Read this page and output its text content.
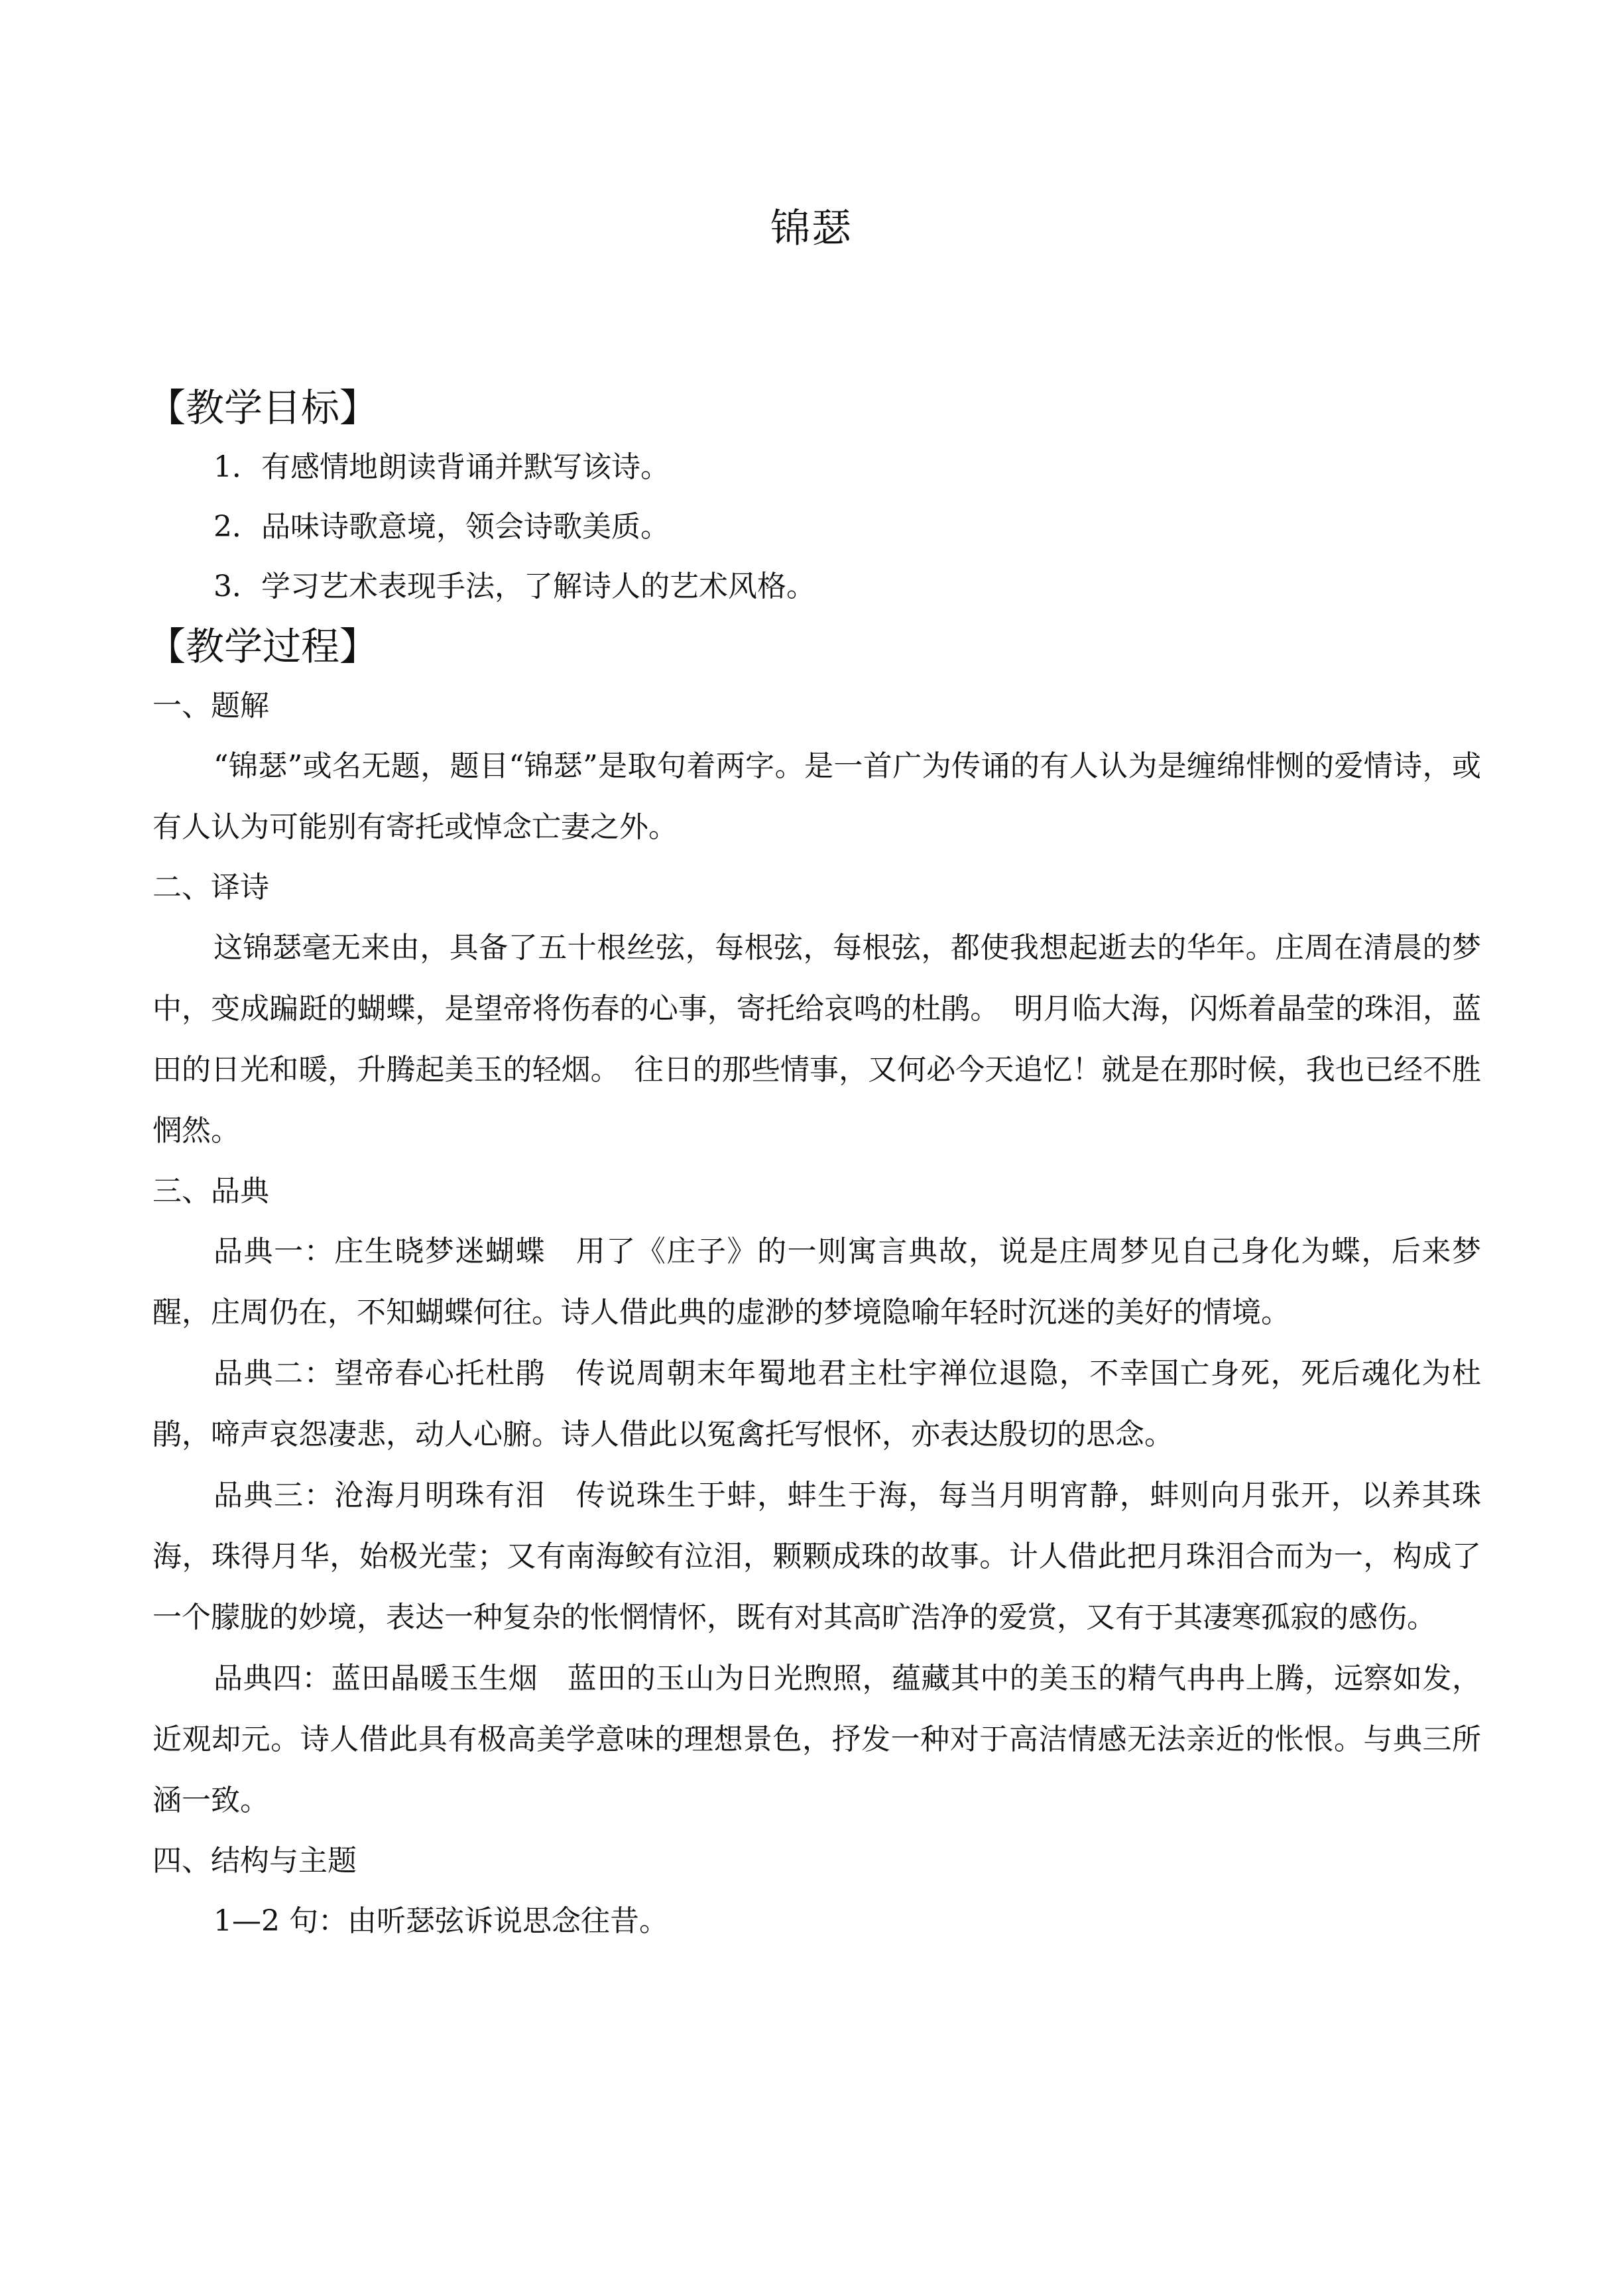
锦瑟
【教学目标】

1．有感情地朗读背诵并默写该诗。

2．品味诗歌意境，领会诗歌美质。

3．学习艺术表现手法，了解诗人的艺术风格。

【教学过程】

一、题解

“锦瑟”或名无题，题目“锦瑟”是取句着两字。是一首广为传诵的有人认为是缠绵悱恻的爱情诗，或有人认为可能别有寄托或悼念亡妻之外。

二、译诗

这锦瑟毫无来由，具备了五十根丝弦，每根弦，每根弦，都使我想起逝去的华年。庄周在清晨的梦中，变成蹁跹的蝴蝶，是望帝将伤春的心事，寄托给哀鸣的杜鹃。　明月临大海，闪烁着晶莹的珠泪，蓝田的日光和暖，升腾起美玉的轻烟。　往日的那些情事，又何必今天追忆！就是在那时候，我也已经不胜惘然。

三、品典

品典一：庄生晓梦迷蝴蝶　用了《庄子》的一则寓言典故，说是庄周梦见自己身化为蝶，后来梦醒，庄周仍在，不知蝴蝶何往。诗人借此典的虚渺的梦境隐喻年轻时沉迷的美好的情境。

品典二：望帝春心托杜鹃　传说周朝末年蜀地君主杜宇禅位退隐，不幸国亡身死，死后魂化为杜鹃，啼声哀怨凄悲，动人心腑。诗人借此以冤禽托写恨怀，亦表达殷切的思念。

品典三：沧海月明珠有泪　传说珠生于蚌，蚌生于海，每当月明宵静，蚌则向月张开，以养其珠海，珠得月华，始极光莹；又有南海鲛有泣泪，颗颗成珠的故事。计人借此把月珠泪合而为一，构成了一个朦胧的妙境，表达一种复杂的怅惘情怀，既有对其高旷浩净的爱赏，又有于其凄寒孤寂的感伤。

品典四：蓝田晶暖玉生烟　蓝田的玉山为日光煦照，蕴藏其中的美玉的精气冉冉上腾，远察如发，近观却元。诗人借此具有极高美学意味的理想景色，抒发一种对于高洁情感无法亲近的怅恨。与典三所涵一致。

四、结构与主题

1—2 句：由听瑟弦诉说思念往昔。
